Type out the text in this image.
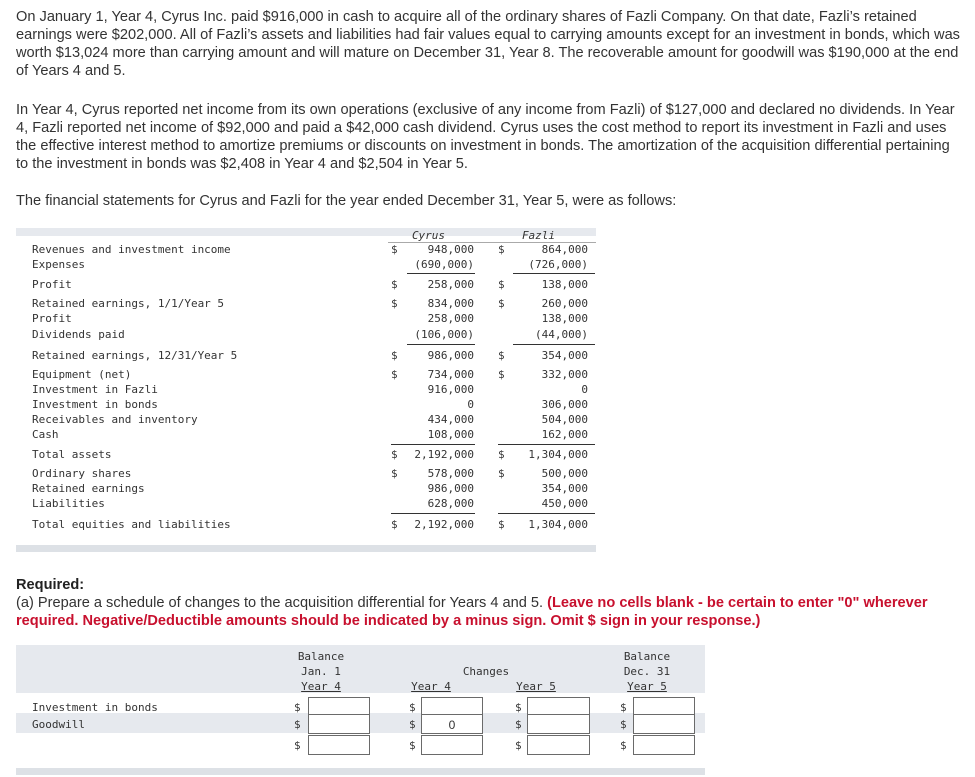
On January 1, Year 4, Cyrus Inc. paid $916,000 in cash to acquire all of the ordinary shares of Fazli Company. On that date, Fazli’s retained earnings were $202,000. All of Fazli’s assets and liabilities had fair values equal to carrying amounts except for an investment in bonds, which was worth $13,024 more than carrying amount and will mature on December 31, Year 8. The recoverable amount for goodwill was $190,000 at the end of Years 4 and 5.

In Year 4, Cyrus reported net income from its own operations (exclusive of any income from Fazli) of $127,000 and declared no dividends. In Year 4, Fazli reported net income of $92,000 and paid a $42,000 cash dividend. Cyrus uses the cost method to report its investment in Fazli and uses the effective interest method to amortize premiums or discounts on investment in bonds. The amortization of the acquisition differential pertaining to the investment in bonds was $2,408 in Year 4 and $2,504 in Year 5.

The financial statements for Cyrus and Fazli for the year ended December 31, Year 5, were as follows:

Cyrus	Fazli
Revenues and investment income	$	948,000 $	864,000
Expenses	(690,000)	(726,000)
Profit	$	258,000 $	138,000
Retained earnings, 1/1/Year 5	$	834,000 $	260,000
Profit	258,000	138,000
Dividends paid	(106,000)	(44,000)
Retained earnings, 12/31/Year 5	$	986,000 $	354,000
Equipment (net)	$	734,000 $	332,000
Investment in Fazli	916,000	0
Investment in bonds	0	306,000
Receivables and inventory	434,000	504,000
Cash	108,000	162,000
Total assets	$	2,192,000 $	1,304,000
Ordinary shares	$	578,000 $	500,000
Retained earnings	986,000	354,000
Liabilities	628,000	450,000
Total equities and liabilities	$	2,192,000 $	1,304,000
Required:
(a) Prepare a schedule of changes to the acquisition differential for Years 4 and 5. (Leave no cells blank - be certain to enter "0" wherever required. Negative/Deductible amounts should be indicated by a minus sign. Omit $ sign in your response.)
Balance
Jan. 1
Year 4
Changes
Year 4	Year 5
Balance
Dec. 31
Year 5
Investment in bonds	$	$	$	$
Goodwill	$	$	0	$	$
$	$	$	$
